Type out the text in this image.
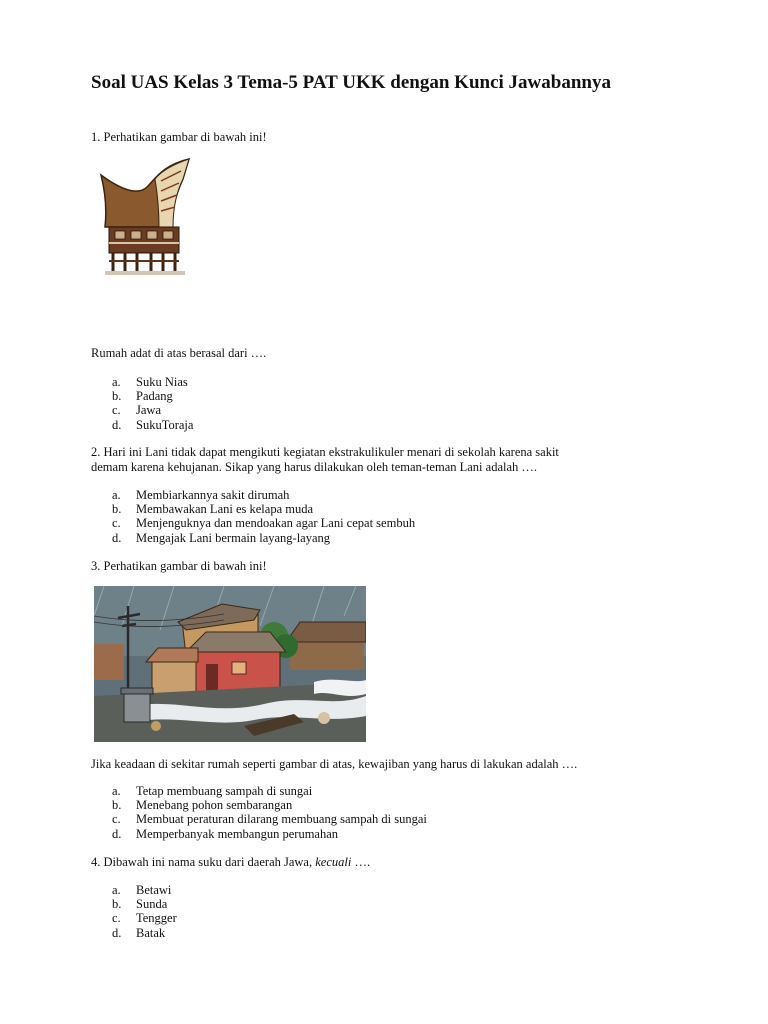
Soal UAS Kelas 3 Tema-5 PAT UKK dengan Kunci Jawabannya
1. Perhatikan gambar di bawah ini!
Rumah adat di atas berasal dari ….
a.	Suku Nias
b.	Padang
c.	Jawa
d.	SukuToraja
2. Hari ini Lani tidak dapat mengikuti kegiatan ekstrakulikuler menari di sekolah karena sakit
demam karena kehujanan. Sikap yang harus dilakukan oleh teman-teman Lani adalah ….
a.	Membiarkannya sakit dirumah
b.	Membawakan Lani es kelapa muda
c.	Menjenguknya dan mendoakan agar Lani cepat sembuh
d.	Mengajak Lani bermain layang-layang
3. Perhatikan gambar di bawah ini!
Jika keadaan di sekitar rumah seperti gambar di atas, kewajiban yang harus di lakukan adalah ….
a.	Tetap membuang sampah di sungai
b.	Menebang pohon sembarangan
c.	Membuat peraturan dilarang membuang sampah di sungai
d.	Memperbanyak membangun perumahan
4. Dibawah ini nama suku dari daerah Jawa, kecuali ….
a.	Betawi
b.	Sunda
c.	Tengger
d.	Batak
